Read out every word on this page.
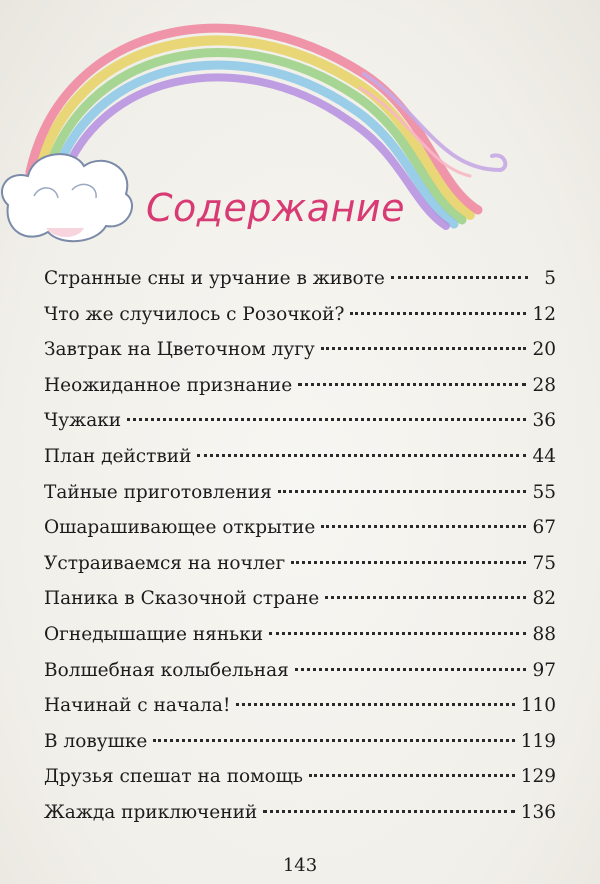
Содержание
Странные сны и урчание в животе	5
Что же случилось с Розочкой?	12
Завтрак на Цветочном лугу	20
Неожиданное признание	28
Чужаки	36
План действий	44
Тайные приготовления	55
Ошарашивающее открытие	67
Устраиваемся на ночлег	75
Паника в Сказочной стране	82
Огнедышащие няньки	88
Волшебная колыбельная	97
Начинай с начала!	110
В ловушке	119
Друзья спешат на помощь	129
Жажда приключений	136
143
